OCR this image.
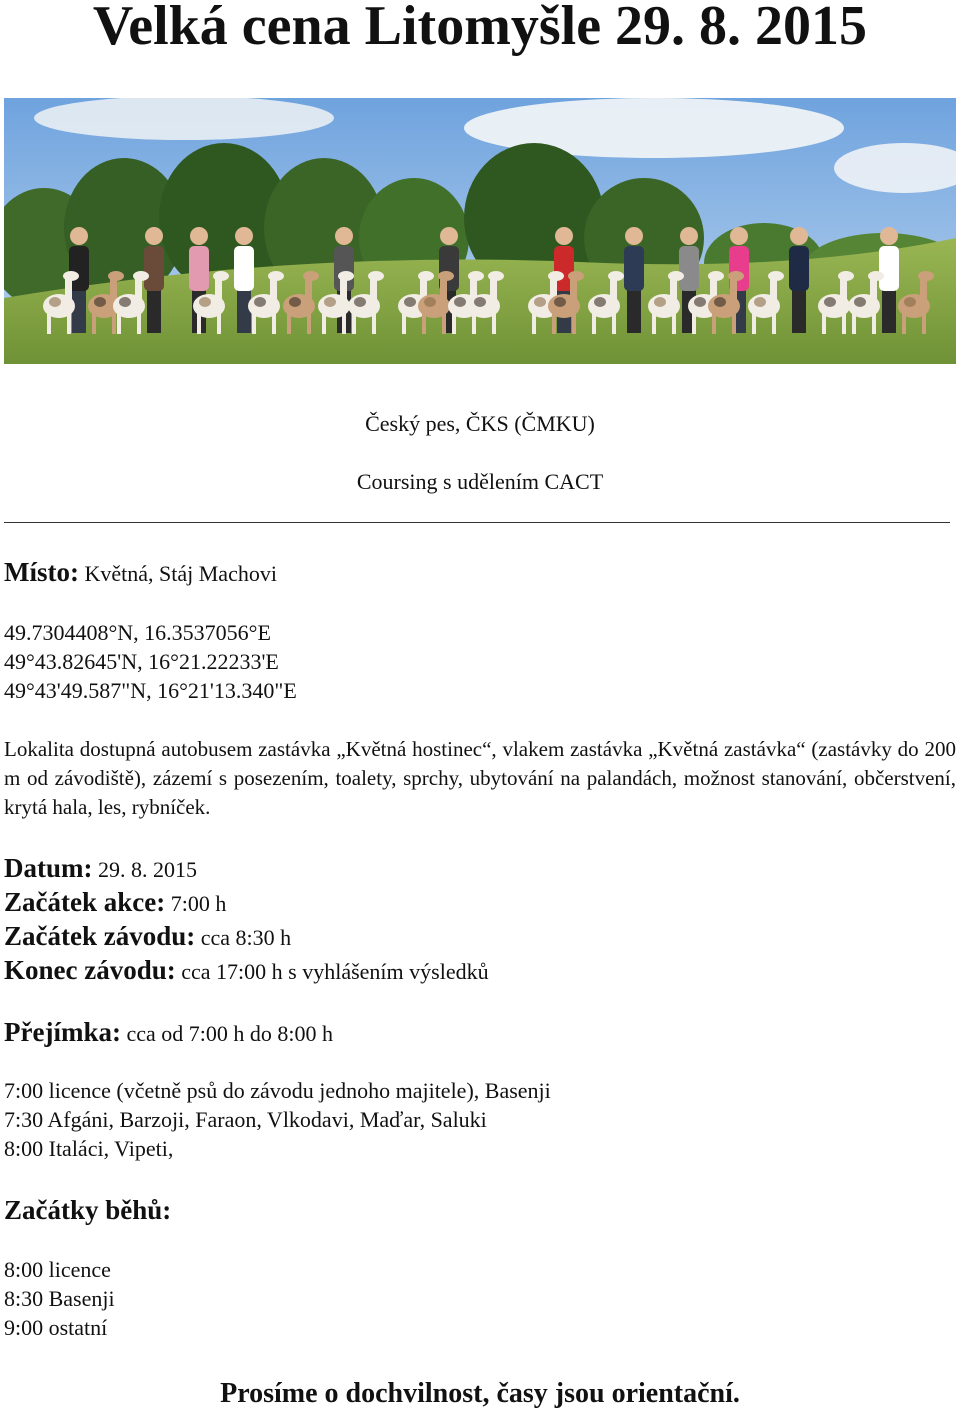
Velká cena Litomyšle 29. 8. 2015
Český pes, ČKS (ČMKU)
Coursing s udělením CACT
Místo: Květná, Stáj Machovi
49.7304408°N, 16.3537056°E
49°43.82645'N, 16°21.22233'E
49°43'49.587"N, 16°21'13.340"E

Lokalita dostupná autobusem zastávka „Květná hostinec“, vlakem zastávka „Květná zastávka“ (zastávky do 200 m od závodiště), zázemí s posezením, toalety, sprchy, ubytování na palandách, možnost stanování, občerstvení, krytá hala, les, rybníček.

Datum: 29. 8. 2015
Začátek akce: 7:00 h
Začátek závodu: cca 8:30 h
Konec závodu: cca 17:00 h s vyhlášením výsledků
Přejímka: cca od 7:00 h do 8:00 h
7:00 licence (včetně psů do závodu jednoho majitele), Basenji
7:30 Afgáni, Barzoji, Faraon, Vlkodavi, Maďar, Saluki
8:00 Italáci, Vipeti,
Začátky běhů:
8:00 licence
8:30 Basenji
9:00 ostatní
Prosíme o dochvilnost, časy jsou orientační.
